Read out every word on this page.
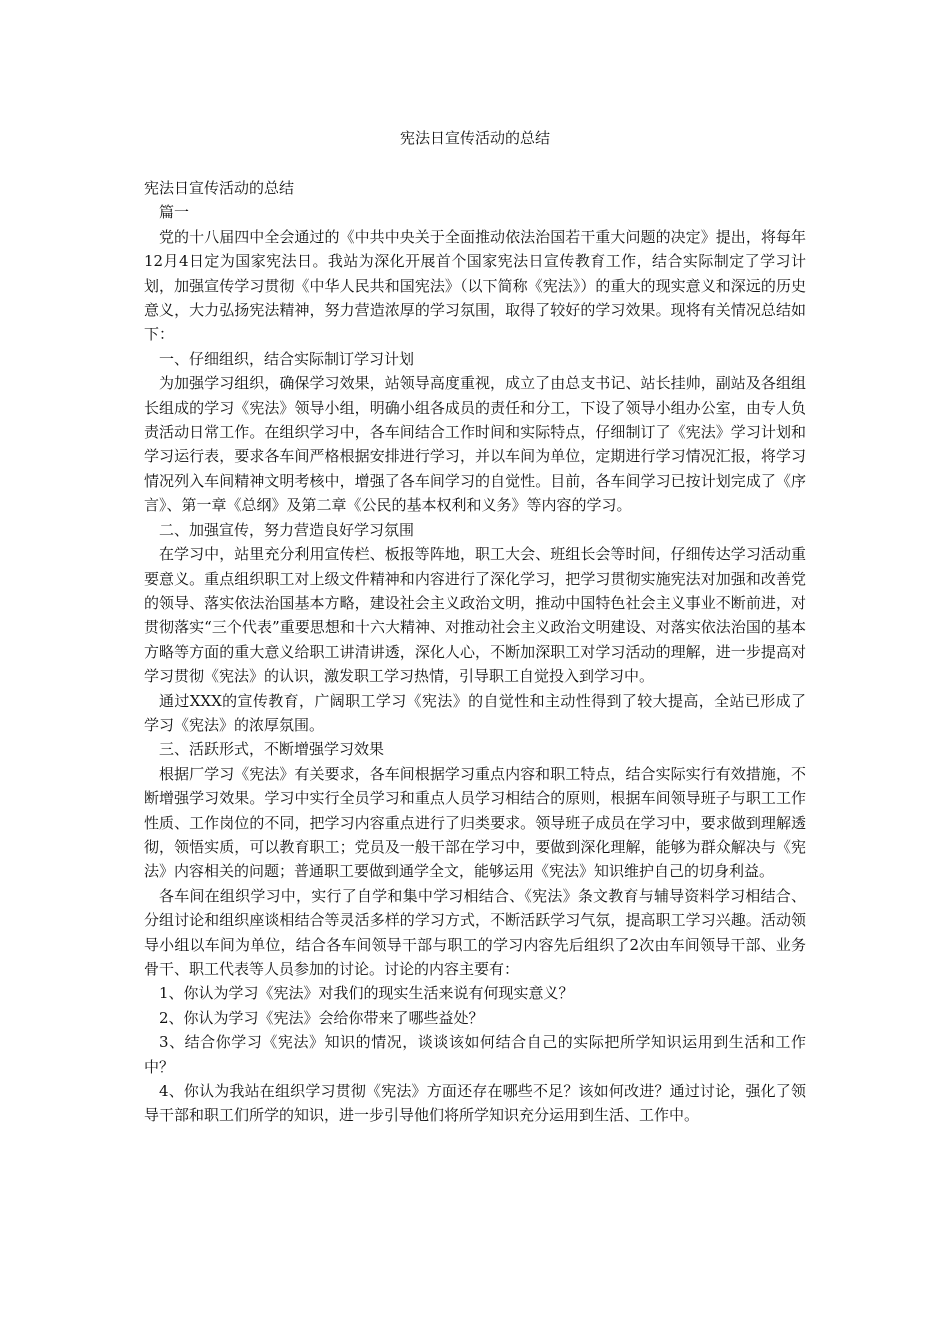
宪法日宣传活动的总结

宪法日宣传活动的总结

篇一

党的十八届四中全会通过的《中共中央关于全面推动依法治国若干重大问题的决定》提出，将每年12月4日定为国家宪法日。我站为深化开展首个国家宪法日宣传教育工作，结合实际制定了学习计划，加强宣传学习贯彻《中华人民共和国宪法》（以下简称《宪法》）的重大的现实意义和深远的历史意义，大力弘扬宪法精神，努力营造浓厚的学习氛围，取得了较好的学习效果。现将有关情况总结如下：

一、仔细组织，结合实际制订学习计划

为加强学习组织，确保学习效果，站领导高度重视，成立了由总支书记、站长挂帅，副站及各组组长组成的学习《宪法》领导小组，明确小组各成员的责任和分工，下设了领导小组办公室，由专人负责活动日常工作。在组织学习中，各车间结合工作时间和实际特点，仔细制订了《宪法》学习计划和学习运行表，要求各车间严格根据安排进行学习，并以车间为单位，定期进行学习情况汇报，将学习情况列入车间精神文明考核中，增强了各车间学习的自觉性。目前，各车间学习已按计划完成了《序言》、第一章《总纲》及第二章《公民的基本权利和义务》等内容的学习。

二、加强宣传，努力营造良好学习氛围

在学习中，站里充分利用宣传栏、板报等阵地，职工大会、班组长会等时间，仔细传达学习活动重要意义。重点组织职工对上级文件精神和内容进行了深化学习，把学习贯彻实施宪法对加强和改善党的领导、落实依法治国基本方略，建设社会主义政治文明，推动中国特色社会主义事业不断前进，对贯彻落实“三个代表”重要思想和十六大精神、对推动社会主义政治文明建设、对落实依法治国的基本方略等方面的重大意义给职工讲清讲透，深化人心，不断加深职工对学习活动的理解，进一步提高对学习贯彻《宪法》的认识，激发职工学习热情，引导职工自觉投入到学习中。

通过XXX的宣传教育，广阔职工学习《宪法》的自觉性和主动性得到了较大提高，全站已形成了学习《宪法》的浓厚氛围。

三、活跃形式，不断增强学习效果

根据厂学习《宪法》有关要求，各车间根据学习重点内容和职工特点，结合实际实行有效措施，不断增强学习效果。学习中实行全员学习和重点人员学习相结合的原则，根据车间领导班子与职工工作性质、工作岗位的不同，把学习内容重点进行了归类要求。领导班子成员在学习中，要求做到理解透彻，领悟实质，可以教育职工；党员及一般干部在学习中，要做到深化理解，能够为群众解决与《宪法》内容相关的问题；普通职工要做到通学全文，能够运用《宪法》知识维护自己的切身利益。

各车间在组织学习中，实行了自学和集中学习相结合、《宪法》条文教育与辅导资料学习相结合、分组讨论和组织座谈相结合等灵活多样的学习方式，不断活跃学习气氛，提高职工学习兴趣。活动领导小组以车间为单位，结合各车间领导干部与职工的学习内容先后组织了2次由车间领导干部、业务骨干、职工代表等人员参加的讨论。讨论的内容主要有：

1、你认为学习《宪法》对我们的现实生活来说有何现实意义？

2、你认为学习《宪法》会给你带来了哪些益处？

3、结合你学习《宪法》知识的情况，谈谈该如何结合自己的实际把所学知识运用到生活和工作中？

4、你认为我站在组织学习贯彻《宪法》方面还存在哪些不足？该如何改进？通过讨论，强化了领导干部和职工们所学的知识，进一步引导他们将所学知识充分运用到生活、工作中。
